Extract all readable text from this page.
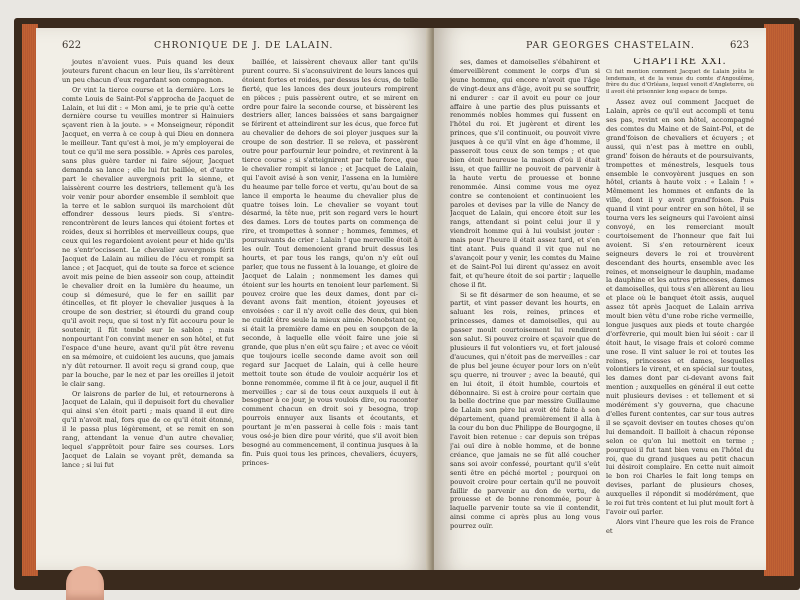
622	CHRONIQUE DE J. DE LALAIN.

joutes n'avoient vues. Puis quand les deux jouteurs furent chacun en leur lieu, ils s'arrêtèrent un peu chacun d'eux regardant son compagnon.

Or vint la tierce course et la dernière. Lors le comte Louis de Saint-Pol s'approcha de Jacquet de Lalain, et lui dit : « Mon ami, je te prie qu'à cette dernière course tu veuilles montrer si Hainuiers sçavent rien à la joute. » « Monseigneur, répondit Jacquet, en verra à ce coup à qui Dieu en donnera le meilleur. Tant qu'est à moi, je m'y employerai de tout ce qu'il me sera possible. » Après ces paroles, sans plus guère tarder ni faire séjour, Jacquet demanda sa lance ; elle lui fut baillée, et d'autre part le chevalier auvergnois prit la sienne, et laissèrent courre les destriers, tellement qu'à les voir venir pour aborder ensemble il sembloit que la terre et le sablon surquoi ils marchoient dût effondrer dessous leurs pieds. Si s'entre-rencontrèrent de leurs lances qui étoient fortes et roides, deux si horribles et merveilleux coups, que ceux qui les regardoient avoient peur et hide qu'ils ne s'entr'occissent. Le chevalier auvergnois férit Jacquet de Lalain au milieu de l'écu et rompit sa lance ; et Jacquet, qui de toute sa force et science avoit mis peine de bien asseoir son coup, atteindit le chevalier droit en la lumière du heaume, un coup si démesuré, que le fer en saillit par étincelles, et fit ployer le chevalier jusques à la croupe de son destrier, si étourdi du grand coup qu'il avoit reçu, que si tost n'y fût accouru pour le soutenir, il fût tombé sur le sablon ; mais nonpourtant l'on convint mener en son hôtel, et fut l'espace d'une heure, avant qu'il pût être revenu en sa mémoire, et cuidoient les aucuns, que jamais n'y dût retourner. Il avoit reçu si grand coup, que par la bouche, par le nez et par les oreilles il jetoit le clair sang.

Or laisrons de parler de lui, et retournerons à Jacquet de Lalain, qui il depuisoit fort du chevalier qui ainsi s'en étoit parti ; mais quand il eut dire qu'il n'avoit mal, fors que de ce qu'il étoit étonné, il le passa plus légèrement, et se remit en son rang, attendant la venue d'un autre chevalier, lequel s'apprêtoit pour faire ses courses. Lors Jacquet de Lalain se voyant prêt, demanda sa lance ; si lui fut

baillée, et laissèrent chevaux aller tant qu'ils purent courre. Si s'aconsuivirent de leurs lances qui étoient fortes et roides, par dessus les écus, de telle fierté, que les lances des deux jouteurs rompirent en pièces ; puis passèrent outre, et se mirent en ordre pour faire la seconde course, et bissèrent les destriers aller, lances baissées et sans bargaigner se férirent et atteindirent sur les écus, que force fut au chevalier de dehors de soi ployer jusques sur la croupe de son destrier. Il se releva, et passèrent outre pour parfournir leur poindre, et revinrent à la tierce course ; si s'atteignirent par telle force, que le chevalier rompit si lance ; et Jacquet de Lalain, qui l'avoit avisé à son venir, l'assena en la lumière du heaume par telle force et vertu, qu'au bout de sa lance il emporta le heaume du chevalier plus de quatre toises loin. Le chevalier se voyant tout désarmé, la tête nue, prit son regard vers le hourt des dames. Lors de toutes parts on commença de rire, et trompettes à sonner ; hommes, femmes, et poursuivants de crier : Lalain ! que merveille étoit à les ouïr. Tout demenoient grand bruit dessus les hourts, et par tous les rangs, qu'on n'y eût ouï parler, que tous ne fussent à la louange, et gloire de Jacquet de Lalain ; nonmement les dames qui étoient sur les hourts en tenoient leur parlement. Si pouvez croire que les deux dames, dont par ci-devant avons fait mention, étoient joyeuses et envoisées : car il n'y avoit celle des deux, qui bien ne cuidât être seule la mieux aimée. Nonobstant ce, si était la première dame en peu en soupçon de la seconde, à laquelle elle véoit faire une joie si grande, que plus n'en eût sçu faire ; et avec ce véoit que toujours icelle seconde dame avoit son œil regard sur Jacquet de Lalain, qui à celle heure mettoit toute son étude de vouloir acquérir los et bonne renommée, comme il fit à ce jour, auquel il fit merveilles ; car si de tous ceux auxquels il eut à besogner à ce jour, je vous voulois dire, ou raconter comment chacun en droit soi y besogna, trop pourrois ennuyer aux lisants et écoutants, et pourtant je m'en passerai à celle fois : mais tant vous osé-je bien dire pour vérité, que s'il avoit bien besogné au commencement, il continua jusques à la fin. Puis quoi tous les princes, chevaliers, écuyers, princes-

PAR GEORGES CHASTELAIN.	623

ses, dames et damoiselles s'ébahirent et émerveillèrent comment le corps d'un si jeune homme, qui encore n'avoit que l'âge de vingt-deux ans d'âge, avoit pu se souffrir, ni endurer : car il avoit eu pour ce jour affaire à une partie des plus puissants et renommés nobles hommes qui fussent en l'hôtel du roi. Et jugèrent et dirent les princes, que s'il continuoit, ou pouvoit vivre jusques à ce qu'il vînt en âge d'homme, il passeroit tous ceux de son temps ; et que bien étoit heureuse la maison d'où il était issu, et que faillir ne pouvoit de parvenir à la haute vertu de prouesse et bonne renommée. Ainsi comme vous me oyez contre se contenoient et continuoient les paroles et devises par la ville de Nancy de Jacquet de Lalain, qui encore étoit sur les rangs, attendant si point celui jour il y viendroit homme qui à lui voulsist jouter : mais pour l'heure il était assez tard, et s'en tint atant. Puis quand il vit que nul ne s'avançoit pour y venir, les comtes du Maine et de Saint-Pol lui dirent qu'assez en avoit fait, et qu'heure étoit de soi partir ; laquelle chose il fit.

Si se fit désarmer de son heaume, et se partit, et vint passer devant les hourts, en saluant les rois, reines, princes et princesses, dames et damoiselles, qui au passer moult courtoisement lui rendirent son salut. Si pouvez croire et sçavoir que de plusieurs il fut volontiers vu, et fort jalousé d'aucunes, qui n'étoit pas de merveilles : car de plus bel jeune écuyer pour lors on n'eût sçu querre, ni trouver ; avec la beauté, qui en lui étoit, il étoit humble, courtois et débonnaire. Si est à croire pour certain que la belle doctrine que par messire Guillaume de Lalain son père lui avoit été faite à son département, quand premièrement il alla à la cour du bon duc Philippe de Bourgogne, il l'avoit bien retenue : car depuis son trépas j'ai ouï dire à noble homme, et de bonne créance, que jamais ne se fût allé coucher sans soi avoir confessé, pourtant qu'il s'eût senti être en péché mortel ; pourquoi on pouvoit croire pour certain qu'il ne pouvoit faillir de parvenir au don de vertu, de prouesse et de bonne renommée, pour à laquelle parvenir toute sa vie il contendit, ainsi comme ci après plus au long vous pourrez ouïr.

CHAPITRE XXI.
Ci fait mention comment Jacquet de Lalain joûta le lendemain, et de la venue du comte d'Angoulême, frère du duc d'Orléans, lequel venoit d'Angleterre, où il avoit été prisonnier long espace de temps.

Assez avez ouï comment Jacquet de Lalain, après ce qu'il eut accompli et tenu ses pas, revint en son hôtel, accompagné des comtes du Maine et de Saint-Pol, et de grand'foison de chevaliers et écuyers ; et aussi, qui n'est pas à mettre en oubli, grand' foison de hérauts et de poursuivants, trompettes et ménestrels, lesquels tous ensemble le convoyèrent jusques en son hôtel, criants à haute voix : « Lalain ! » Mêmement les hommes et enfants de la ville, dont il y avoit grand'foison. Puis quand il vint pour entrer en son hôtel, il se tourna vers les seigneurs qui l'avoient ainsi convoyé, en les remerciant moult courtoisement de l'honneur que fait lui avoient. Si s'en retournèrent iceux seigneurs devers le roi et trouvèrent descendant des hourts, ensemble avec les reines, et monseigneur le dauphin, madame la dauphine et les autres princesses, dames et damoiselles, qui tous s'en allèrent au lieu et place où le banquet étoit assis, auquel assez tôt après Jacquet de Lalain arriva moult bien vêtu d'une robe riche vermeille, longue jusques aux pieds et toute chargée d'orfèvrerie, qui moult bien lui séoit : car il étoit haut, le visage frais et coloré comme une rose. Il vint saluer le roi et toutes les reines, princesses et dames, lesquelles volontiers le virent, et en spécial sur toutes, les dames dont par ci-devant avons fait mention ; auxquelles en général il eut cette nuit plusieurs devises : et tellement et si modérément s'y gouverna, que chacune d'elles furent contentes, car sur tous autres il se sçavoit deviser en toutes choses qu'on lui demandoit. Il bailloit à chacun réponse selon ce qu'on lui mettoit en terme ; pourquoi il fut tant bien venu en l'hôtel du roi, que du grand jusques au petit chacun lui désiroit complaire. En cette nuit aimoit le bon roi Charles le fait long temps en devises, parlant de plusieurs choses, auxquelles il répondit si modérément, que le roi fut très content et lui plut moult fort à l'avoir ouï parler.

Alors vint l'heure que les rois de France et
